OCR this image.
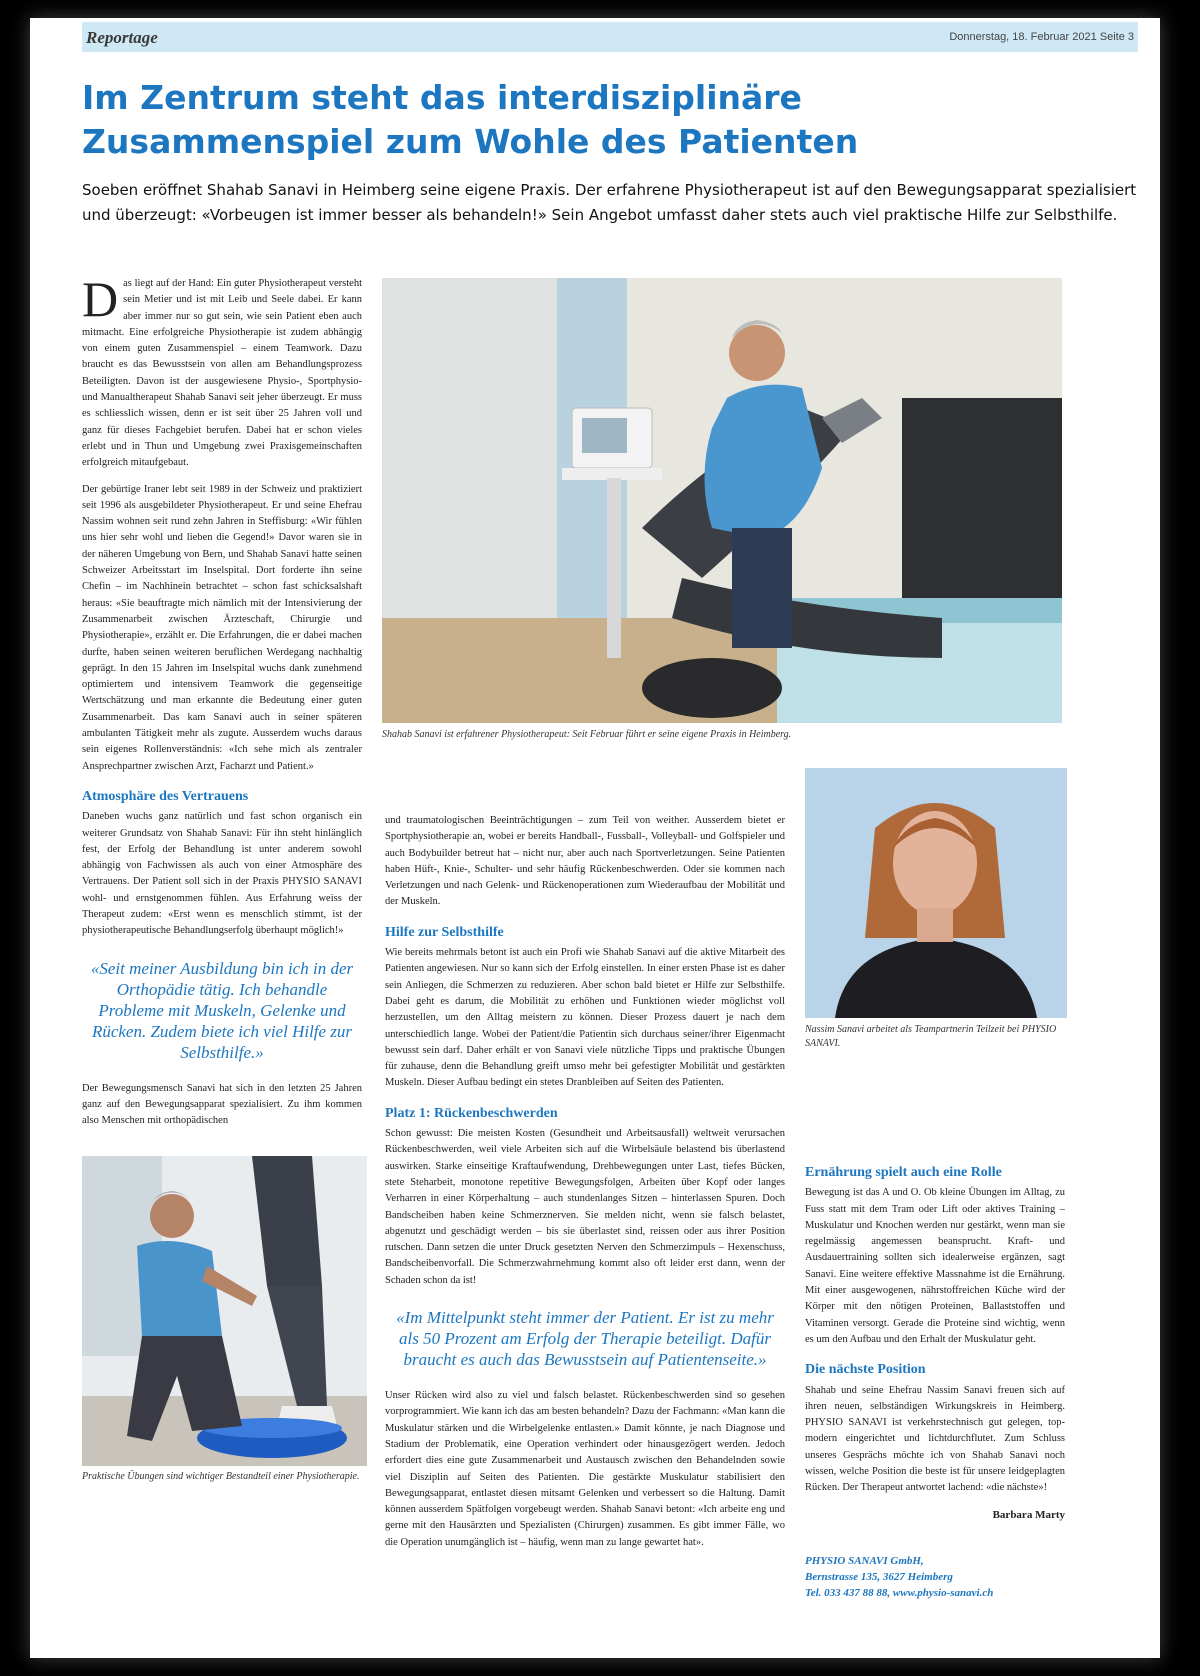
Reportage	Donnerstag, 18. Februar 2021 Seite 3
Im Zentrum steht das interdisziplinäre Zusammenspiel zum Wohle des Patienten

Soeben eröffnet Shahab Sanavi in Heimberg seine eigene Praxis. Der erfahrene Physiotherapeut ist auf den Bewegungsapparat spezialisiert und überzeugt: «Vorbeugen ist immer besser als behandeln!» Sein Angebot umfasst daher stets auch viel praktische Hilfe zur Selbsthilfe.

Das liegt auf der Hand: Ein guter Physiotherapeut versteht sein Metier und ist mit Leib und Seele dabei. Er kann aber immer nur so gut sein, wie sein Patient eben auch mitmacht. Eine erfolgreiche Physiotherapie ist zudem abhängig von einem guten Zusammenspiel – einem Teamwork. Dazu braucht es das Bewusstsein von allen am Behandlungsprozess Beteiligten. Davon ist der ausgewiesene Physio-, Sportphysio- und Manualtherapeut Shahab Sanavi seit jeher überzeugt. Er muss es schliesslich wissen, denn er ist seit über 25 Jahren voll und ganz für dieses Fachgebiet berufen. Dabei hat er schon vieles erlebt und in Thun und Umgebung zwei Praxisgemeinschaften erfolgreich mitaufgebaut.

Der gebürtige Iraner lebt seit 1989 in der Schweiz und praktiziert seit 1996 als ausgebildeter Physiotherapeut. Er und seine Ehefrau Nassim wohnen seit rund zehn Jahren in Steffisburg: «Wir fühlen uns hier sehr wohl und lieben die Gegend!» Davor waren sie in der näheren Umgebung von Bern, und Shahab Sanavi hatte seinen Schweizer Arbeitsstart im Inselspital. Dort forderte ihn seine Chefin – im Nachhinein betrachtet – schon fast schicksalshaft heraus: «Sie beauftragte mich nämlich mit der Intensivierung der Zusammenarbeit zwischen Ärzteschaft, Chirurgie und Physiotherapie», erzählt er. Die Erfahrungen, die er dabei machen durfte, haben seinen weiteren beruflichen Werdegang nachhaltig geprägt. In den 15 Jahren im Inselspital wuchs dank zunehmend optimiertem und intensivem Teamwork die gegenseitige Wertschätzung und man erkannte die Bedeutung einer guten Zusammenarbeit. Das kam Sanavi auch in seiner späteren ambulanten Tätigkeit mehr als zugute. Ausserdem wuchs daraus sein eigenes Rollenverständnis: «Ich sehe mich als zentraler Ansprechpartner zwischen Arzt, Facharzt und Patient.»

Atmosphäre des Vertrauens

Daneben wuchs ganz natürlich und fast schon organisch ein weiterer Grundsatz von Shahab Sanavi: Für ihn steht hinlänglich fest, der Erfolg der Behandlung ist unter anderem sowohl abhängig von Fachwissen als auch von einer Atmosphäre des Vertrauens. Der Patient soll sich in der Praxis PHYSIO SANAVI wohl- und ernstgenommen fühlen. Aus Erfahrung weiss der Therapeut zudem: «Erst wenn es menschlich stimmt, ist der physiotherapeutische Behandlungserfolg überhaupt möglich!»

«Seit meiner Ausbildung bin ich in der Orthopädie tätig. Ich behandle Probleme mit Muskeln, Gelenke und Rücken. Zudem biete ich viel Hilfe zur Selbsthilfe.»

Der Bewegungsmensch Sanavi hat sich in den letzten 25 Jahren ganz auf den Bewegungsapparat spezialisiert. Zu ihm kommen also Menschen mit orthopädischen

Shahab Sanavi ist erfahrener Physiotherapeut: Seit Februar führt er seine eigene Praxis in Heimberg.

und traumatologischen Beeinträchtigungen – zum Teil von weither. Ausserdem bietet er Sportphysiotherapie an, wobei er bereits Handball-, Fussball-, Volleyball- und Golfspieler und auch Bodybuilder betreut hat – nicht nur, aber auch nach Sportverletzungen. Seine Patienten haben Hüft-, Knie-, Schulter- und sehr häufig Rückenbeschwerden. Oder sie kommen nach Verletzungen und nach Gelenk- und Rückenoperationen zum Wiederaufbau der Mobilität und der Muskeln.

Hilfe zur Selbsthilfe

Wie bereits mehrmals betont ist auch ein Profi wie Shahab Sanavi auf die aktive Mitarbeit des Patienten angewiesen. Nur so kann sich der Erfolg einstellen. In einer ersten Phase ist es daher sein Anliegen, die Schmerzen zu reduzieren. Aber schon bald bietet er Hilfe zur Selbsthilfe. Dabei geht es darum, die Mobilität zu erhöhen und Funktionen wieder möglichst voll herzustellen, um den Alltag meistern zu können. Dieser Prozess dauert je nach dem unterschiedlich lange. Wobei der Patient/die Patientin sich durchaus seiner/ihrer Eigenmacht bewusst sein darf. Daher erhält er von Sanavi viele nützliche Tipps und praktische Übungen für zuhause, denn die Behandlung greift umso mehr bei gefestigter Mobilität und gestärkten Muskeln. Dieser Aufbau bedingt ein stetes Dranbleiben auf Seiten des Patienten.

Platz 1: Rückenbeschwerden

Schon gewusst: Die meisten Kosten (Gesundheit und Arbeitsausfall) weltweit verursachen Rückenbeschwerden, weil viele Arbeiten sich auf die Wirbelsäule belastend bis überlastend auswirken. Starke einseitige Kraftaufwendung, Drehbewegungen unter Last, tiefes Bücken, stete Steharbeit, monotone repetitive Bewegungsfolgen, Arbeiten über Kopf oder langes Verharren in einer Körperhaltung – auch stundenlanges Sitzen – hinterlassen Spuren. Doch Bandscheiben haben keine Schmerznerven. Sie melden nicht, wenn sie falsch belastet, abgenutzt und geschädigt werden – bis sie überlastet sind, reissen oder aus ihrer Position rutschen. Dann setzen die unter Druck gesetzten Nerven den Schmerzimpuls – Hexenschuss, Bandscheibenvorfall. Die Schmerzwahrnehmung kommt also oft leider erst dann, wenn der Schaden schon da ist!

«Im Mittelpunkt steht immer der Patient. Er ist zu mehr als 50 Prozent am Erfolg der Therapie beteiligt. Dafür braucht es auch das Bewusstsein auf Patientenseite.»

Unser Rücken wird also zu viel und falsch belastet. Rückenbeschwerden sind so gesehen vorprogrammiert. Wie kann ich das am besten behandeln? Dazu der Fachmann: «Man kann die Muskulatur stärken und die Wirbelgelenke entlasten.» Damit könnte, je nach Diagnose und Stadium der Problematik, eine Operation verhindert oder hinausgezögert werden. Jedoch erfordert dies eine gute Zusammenarbeit und Austausch zwischen den Behandelnden sowie viel Disziplin auf Seiten des Patienten. Die gestärkte Muskulatur stabilisiert den Bewegungsapparat, entlastet diesen mitsamt Gelenken und verbessert so die Haltung. Damit können ausserdem Spätfolgen vorgebeugt werden. Shahab Sanavi betont: «Ich arbeite eng und gerne mit den Hausärzten und Spezialisten (Chirurgen) zusammen. Es gibt immer Fälle, wo die Operation unumgänglich ist – häufig, wenn man zu lange gewartet hat».

Nassim Sanavi arbeitet als Teampartnerin Teilzeit bei PHYSIO SANAVI.
Ernährung spielt auch eine Rolle

Bewegung ist das A und O. Ob kleine Übungen im Alltag, zu Fuss statt mit dem Tram oder Lift oder aktives Training – Muskulatur und Knochen werden nur gestärkt, wenn man sie regelmässig angemessen beansprucht. Kraft- und Ausdauertraining sollten sich idealerweise ergänzen, sagt Sanavi. Eine weitere effektive Massnahme ist die Ernährung. Mit einer ausgewogenen, nährstoffreichen Küche wird der Körper mit den nötigen Proteinen, Ballaststoffen und Vitaminen versorgt. Gerade die Proteine sind wichtig, wenn es um den Aufbau und den Erhalt der Muskulatur geht.

Die nächste Position

Shahab und seine Ehefrau Nassim Sanavi freuen sich auf ihren neuen, selbständigen Wirkungskreis in Heimberg. PHYSIO SANAVI ist verkehrstechnisch gut gelegen, top-modern eingerichtet und lichtdurchflutet. Zum Schluss unseres Gesprächs möchte ich von Shahab Sanavi noch wissen, welche Position die beste ist für unsere leidgeplagten Rücken. Der Therapeut antwortet lachend: «die nächste»!

Barbara Marty
PHYSIO SANAVI GmbH,
Bernstrasse 135, 3627 Heimberg
Tel. 033 437 88 88, www.physio-sanavi.ch
Praktische Übungen sind wichtiger Bestandteil einer Physiotherapie.
